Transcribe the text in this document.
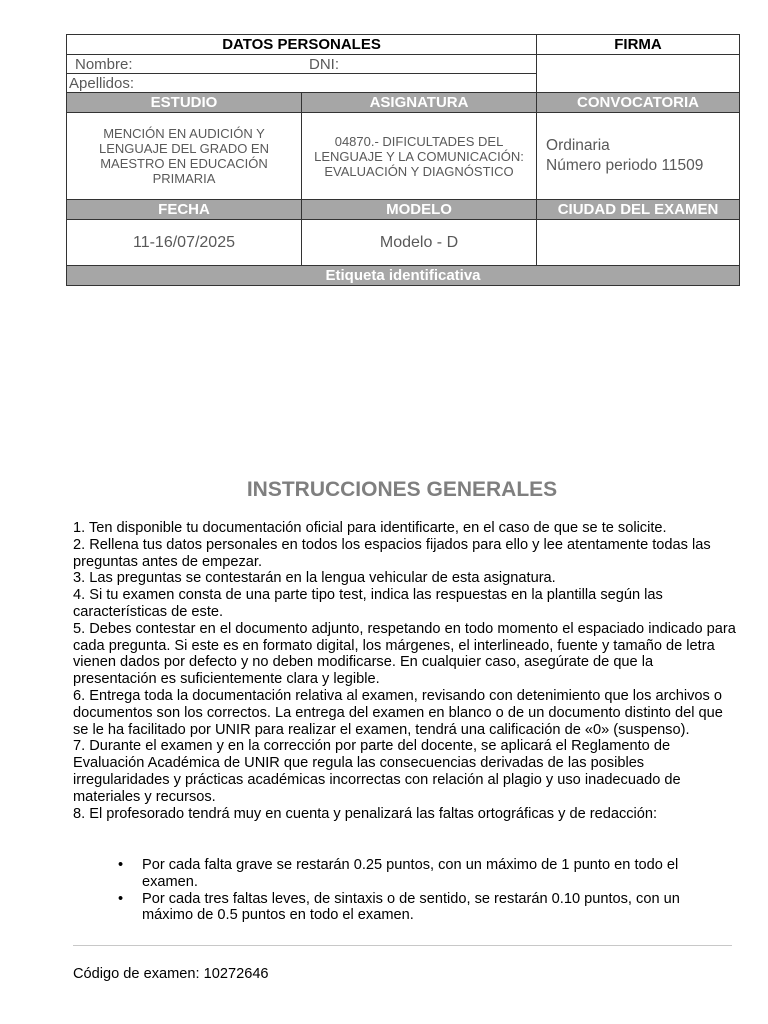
DATOS PERSONALES		FIRMA

Nombre: DNI:		

Apellidos:		
ESTUDIO	ASIGNATURA	CONVOCATORIA
MENCIÓN EN AUDICIÓN Y LENGUAJE DEL GRADO EN MAESTRO EN EDUCACIÓN PRIMARIA	04870.- DIFICULTADES DEL LENGUAJE Y LA COMUNICACIÓN: EVALUACIÓN Y DIAGNÓSTICO	Ordinaria
Número periodo 11509

FECHA	MODELO	CIUDAD DEL EXAMEN
11-16/07/2025	Modelo - D	
Etiqueta identificativa		
INSTRUCCIONES GENERALES

1. Ten disponible tu documentación oficial para identificarte, en el caso de que se te solicite.

2. Rellena tus datos personales en todos los espacios fijados para ello y lee atentamente todas las preguntas antes de empezar.

3. Las preguntas se contestarán en la lengua vehicular de esta asignatura.

4. Si tu examen consta de una parte tipo test, indica las respuestas en la plantilla según las características de este.

5. Debes contestar en el documento adjunto, respetando en todo momento el espaciado indicado para cada pregunta. Si este es en formato digital, los márgenes, el interlineado, fuente y tamaño de letra vienen dados por defecto y no deben modificarse. En cualquier caso, asegúrate de que la presentación es suficientemente clara y legible.

6. Entrega toda la documentación relativa al examen, revisando con detenimiento que los archivos o documentos son los correctos. La entrega del examen en blanco o de un documento distinto del que se le ha facilitado por UNIR para realizar el examen, tendrá una calificación de «0» (suspenso).

7. Durante el examen y en la corrección por parte del docente, se aplicará el Reglamento de Evaluación Académica de UNIR que regula las consecuencias derivadas de las posibles irregularidades y prácticas académicas incorrectas con relación al plagio y uso inadecuado de materiales y recursos.

8. El profesorado tendrá muy en cuenta y penalizará las faltas ortográficas y de redacción:

• Por cada falta grave se restarán 0.25 puntos, con un máximo de 1 punto en todo el examen.
• Por cada tres faltas leves, de sintaxis o de sentido, se restarán 0.10 puntos, con un máximo de 0.5 puntos en todo el examen.
Código de examen: 10272646
